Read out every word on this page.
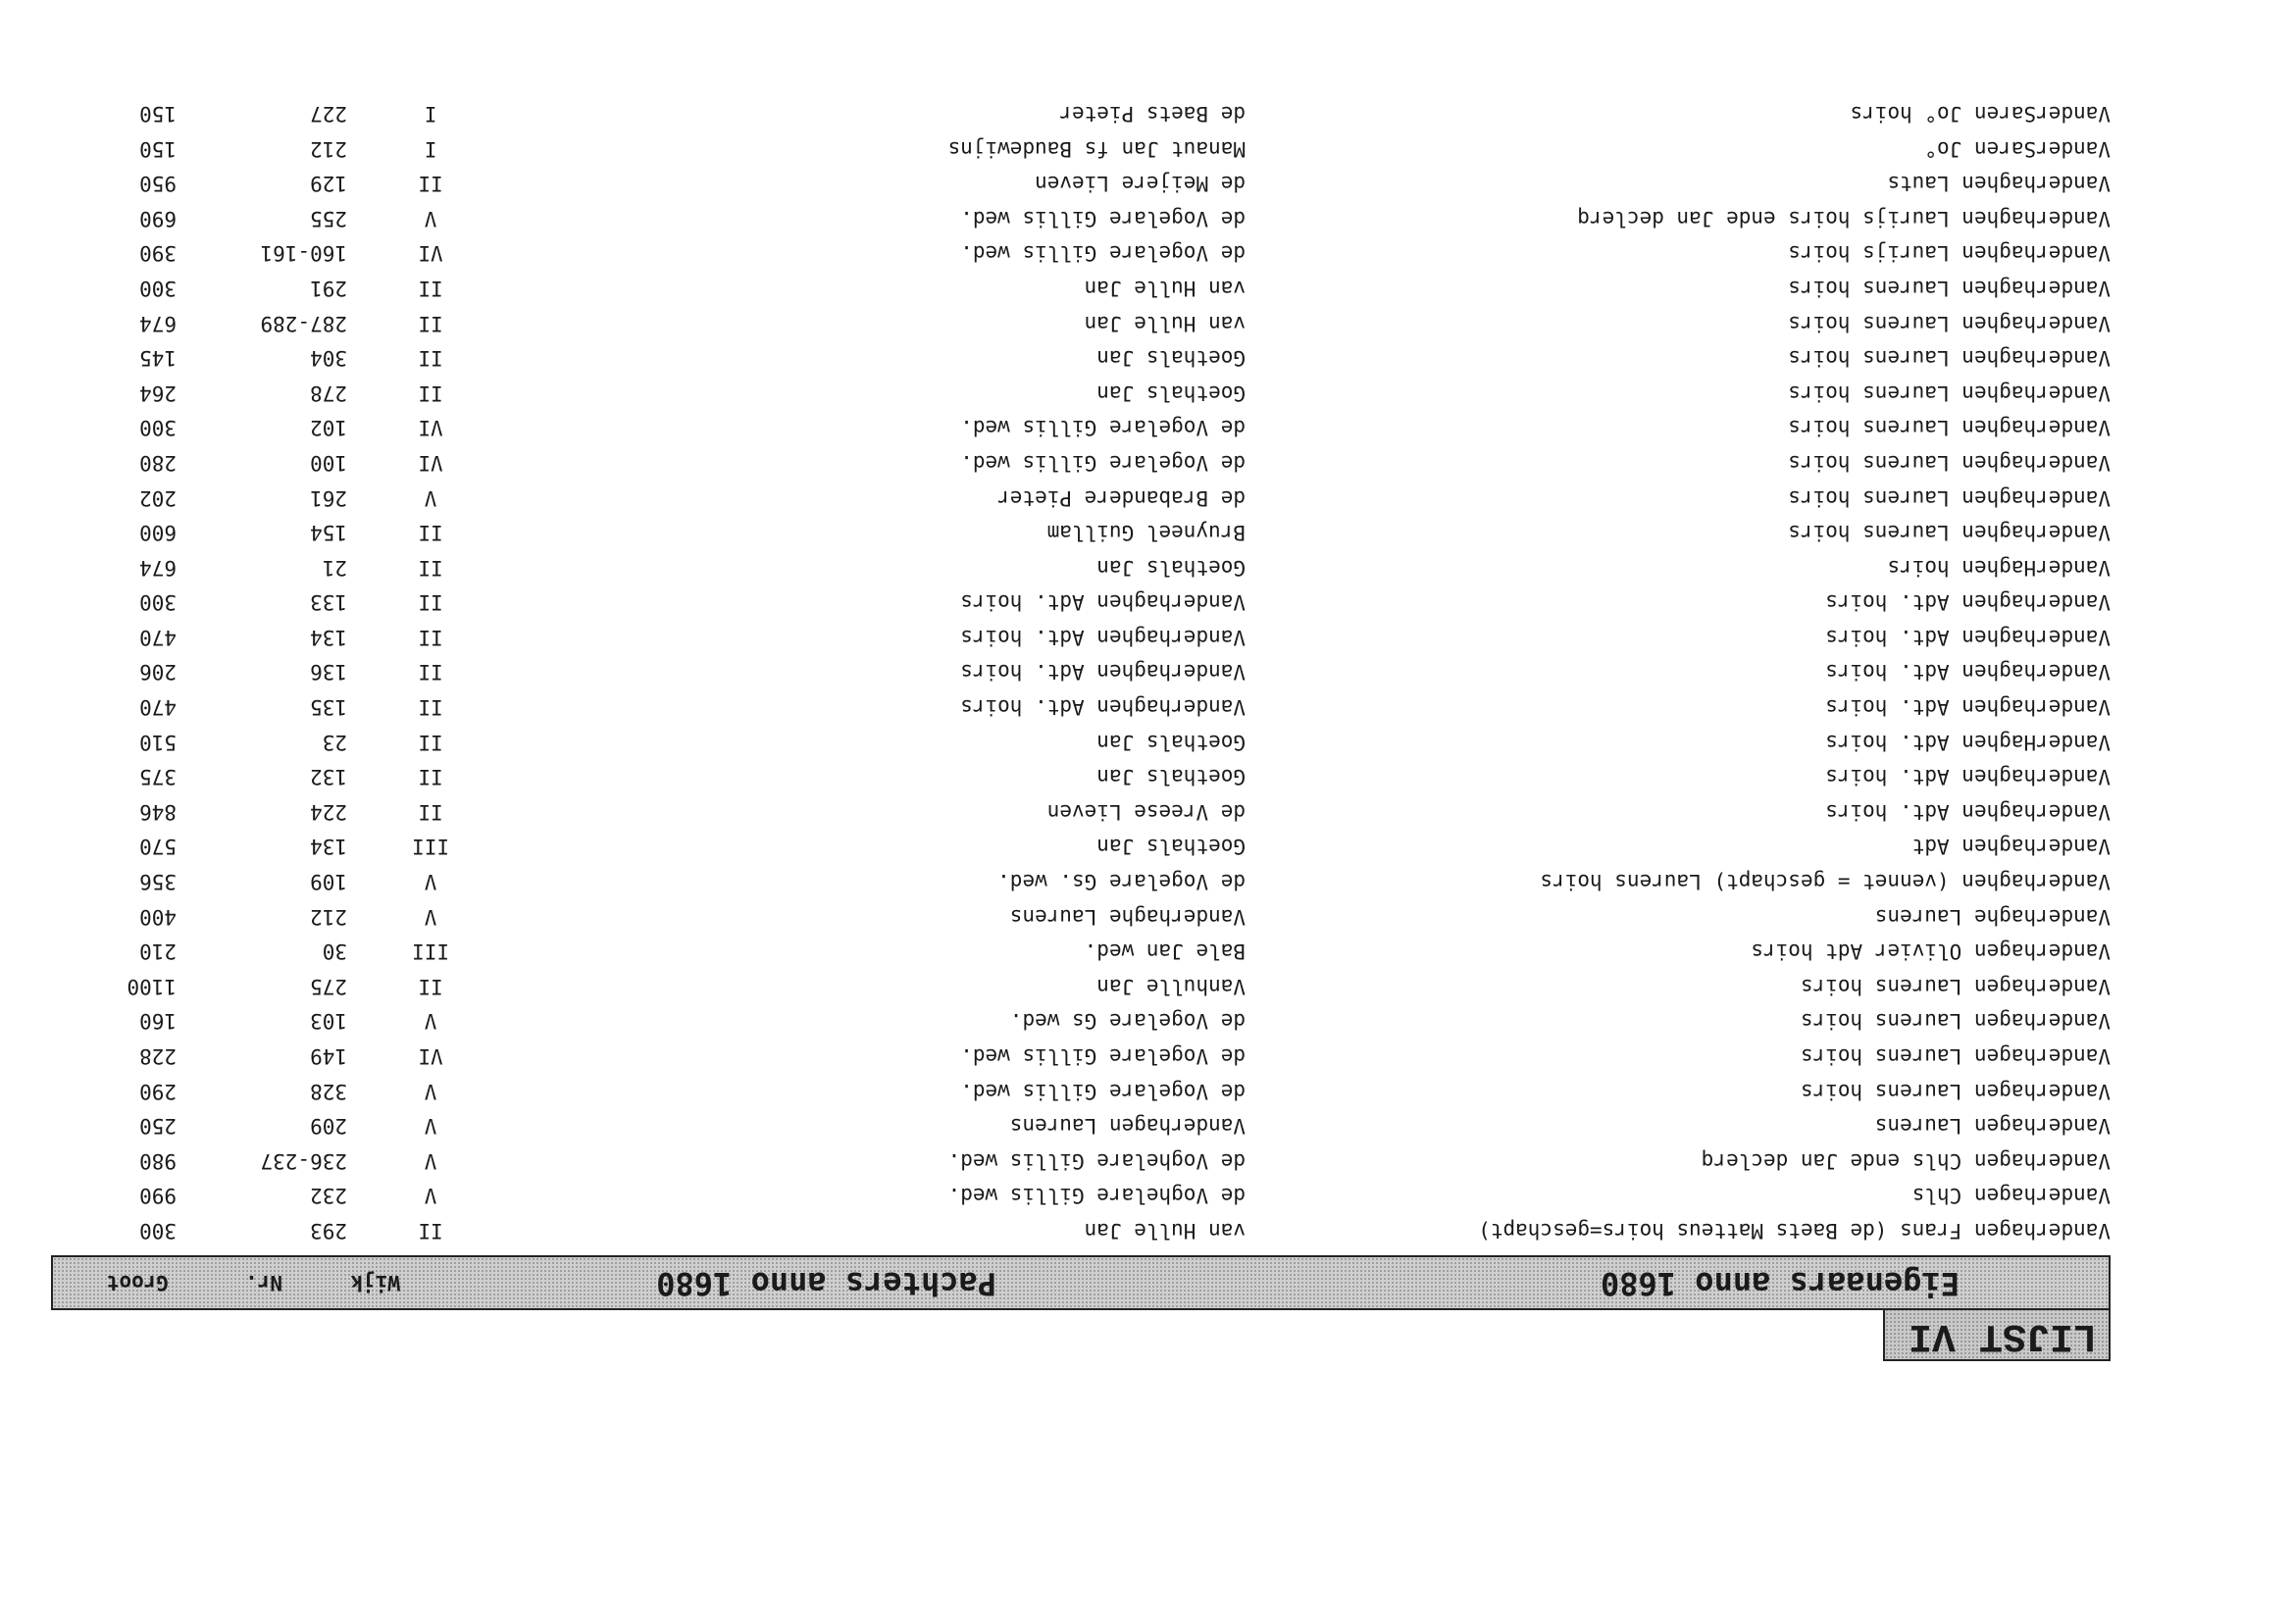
LIJST VI
Eigenaars anno 1680
Pachters anno 1680
Wijk
Nr.
Groot
Vanderhagen Frans (de Baets Matteus hoirs=geschapt)
van Hulle Jan
II
293
300
Vanderhagen Chls
de Voghelare Gillis wed.
V
232
990
Vanderhagen Chls ende Jan declerq
de Voghelare Gillis wed.
V
236-237
980
Vanderhagen Laurens
Vanderhagen Laurens
V
209
250
Vanderhagen Laurens hoirs
de Vogelare Gillis wed.
V
328
290
Vanderhagen Laurens hoirs
de Vogelare Gillis wed.
VI
149
228
Vanderhagen Laurens hoirs
de Vogelare Gs wed.
V
103
160
Vanderhagen Laurens hoirs
Vanhulle Jan
II
275
1100
Vanderhagen Olivier Adt hoirs
Bale Jan wed.
III
30
210
Vanderhaghe Laurens
Vanderhaghe Laurens
V
212
400
Vanderhaghen (vennet = geschapt) Laurens hoirs
de Vogelare Gs. wed.
V
109
356
Vanderhaghen Adt
Goethals Jan
III
134
570
Vanderhaghen Adt. hoirs
de Vreese Lieven
II
224
846
Vanderhaghen Adt. hoirs
Goethals Jan
II
132
375
VanderHaghen Adt. hoirs
Goethals Jan
II
23
510
Vanderhaghen Adt. hoirs
Vanderhaghen Adt. hoirs
II
135
470
Vanderhaghen Adt. hoirs
Vanderhaghen Adt. hoirs
II
136
206
Vanderhaghen Adt. hoirs
Vanderhaghen Adt. hoirs
II
134
470
Vanderhaghen Adt. hoirs
Vanderhaghen Adt. hoirs
II
133
300
VanderHaghen hoirs
Goethals Jan
II
21
674
Vanderhaghen Laurens hoirs
Bruyneel Guillam
II
154
600
Vanderhaghen Laurens hoirs
de Brabandere Pieter
V
261
202
Vanderhaghen Laurens hoirs
de Vogelare Gillis wed.
VI
100
280
Vanderhaghen Laurens hoirs
de Vogelare Gillis wed.
VI
102
300
Vanderhaghen Laurens hoirs
Goethals Jan
II
278
264
Vanderhaghen Laurens hoirs
Goethals Jan
II
304
145
Vanderhaghen Laurens hoirs
van Hulle Jan
II
287-289
674
Vanderhaghen Laurens hoirs
van Hulle Jan
II
291
300
Vanderhaghen Laurijs hoirs
de Vogelare Gillis wed.
VI
160-161
390
Vanderhaghen Laurijs hoirs ende Jan declerq
de Vogelare Gillis wed.
V
255
690
Vanderhaghen Lauts
de Meijere Lieven
II
129
950
VanderSaren Jo°
Manaut Jan fs Baudewijns
I
212
150
VanderSaren Jo° hoirs
de Baets Pieter
I
227
150
